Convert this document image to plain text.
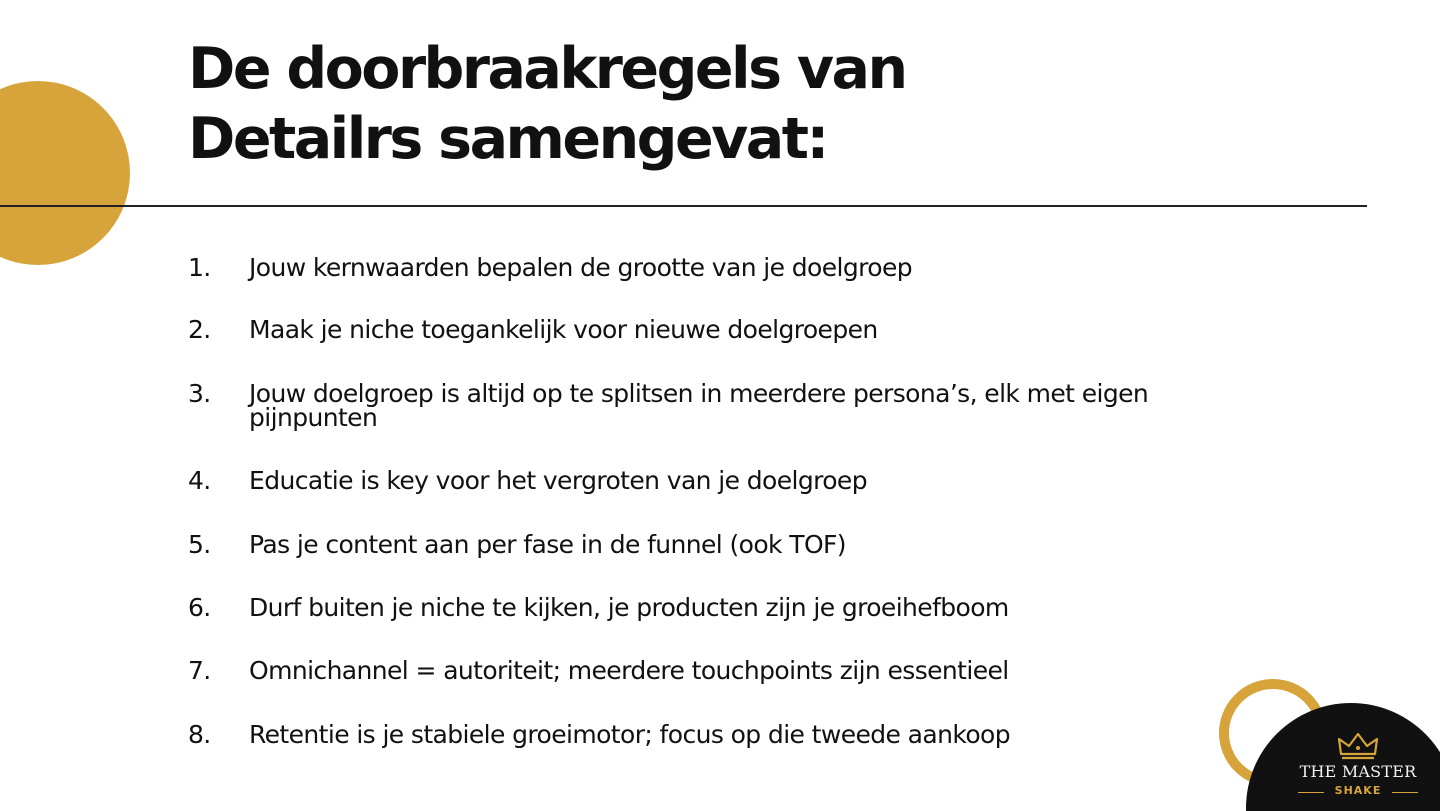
De doorbraakregels van
Detailrs samengevat:
1.	Jouw kernwaarden bepalen de grootte van je doelgroep
2.	Maak je niche toegankelijk voor nieuwe doelgroepen
3.	Jouw doelgroep is altijd op te splitsen in meerdere persona’s, elk met eigen pijnpunten
4.	Educatie is key voor het vergroten van je doelgroep
5.	Pas je content aan per fase in de funnel (ook TOF)
6.	Durf buiten je niche te kijken, je producten zijn je groeihefboom
7.	Omnichannel = autoriteit; meerdere touchpoints zijn essentieel
8.	Retentie is je stabiele groeimotor; focus op die tweede aankoop
THE MASTER
SHAKE
